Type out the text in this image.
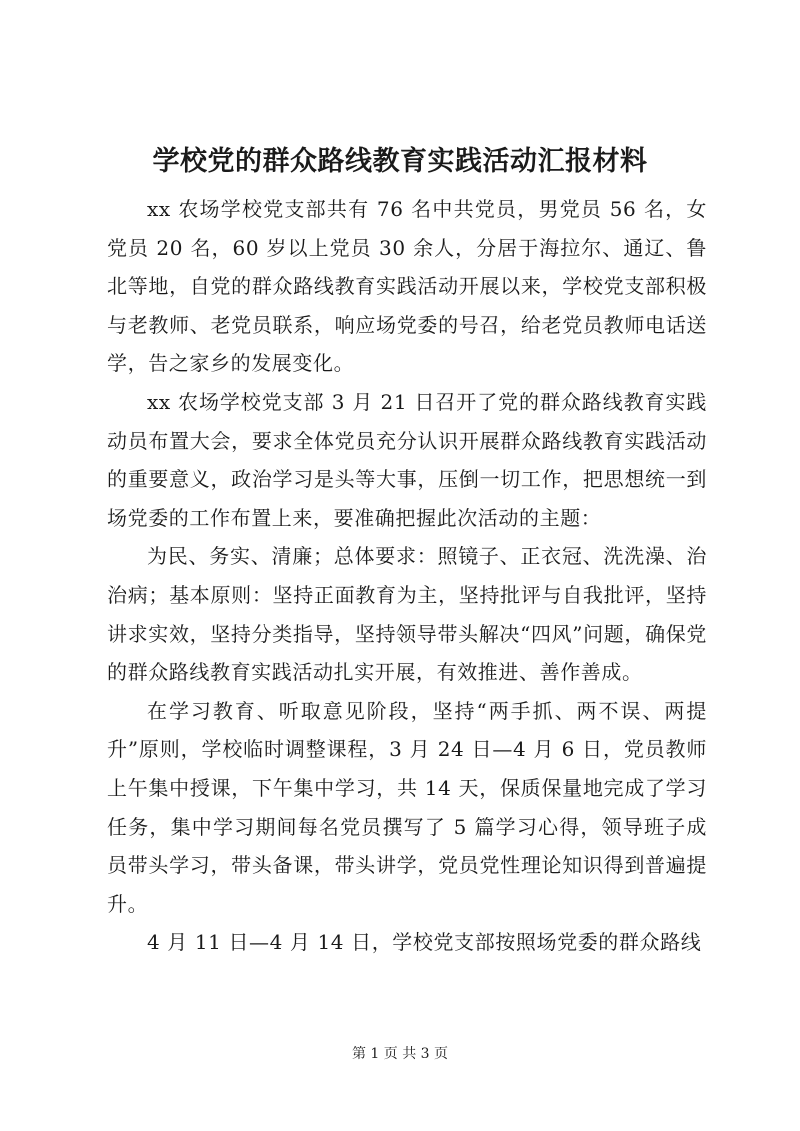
学校党的群众路线教育实践活动汇报材料

xx 农场学校党支部共有 76 名中共党员，男党员 56 名，女党员 20 名，60 岁以上党员 30 余人，分居于海拉尔、通辽、鲁北等地，自党的群众路线教育实践活动开展以来，学校党支部积极与老教师、老党员联系，响应场党委的号召，给老党员教师电话送学，告之家乡的发展变化。

xx 农场学校党支部 3 月 21 日召开了党的群众路线教育实践动员布置大会，要求全体党员充分认识开展群众路线教育实践活动的重要意义，政治学习是头等大事，压倒一切工作，把思想统一到场党委的工作布置上来，要准确把握此次活动的主题：

为民、务实、清廉；总体要求：照镜子、正衣冠、洗洗澡、治治病；基本原则：坚持正面教育为主，坚持批评与自我批评，坚持讲求实效，坚持分类指导，坚持领导带头解决“四风”问题，确保党的群众路线教育实践活动扎实开展，有效推进、善作善成。

在学习教育、听取意见阶段，坚持“两手抓、两不误、两提升”原则，学校临时调整课程，3 月 24 日—4 月 6 日，党员教师上午集中授课，下午集中学习，共 14 天，保质保量地完成了学习任务，集中学习期间每名党员撰写了 5 篇学习心得，领导班子成员带头学习，带头备课，带头讲学，党员党性理论知识得到普遍提升。

4 月 11 日—4 月 14 日，学校党支部按照场党委的群众路线

第 1 页 共 3 页
